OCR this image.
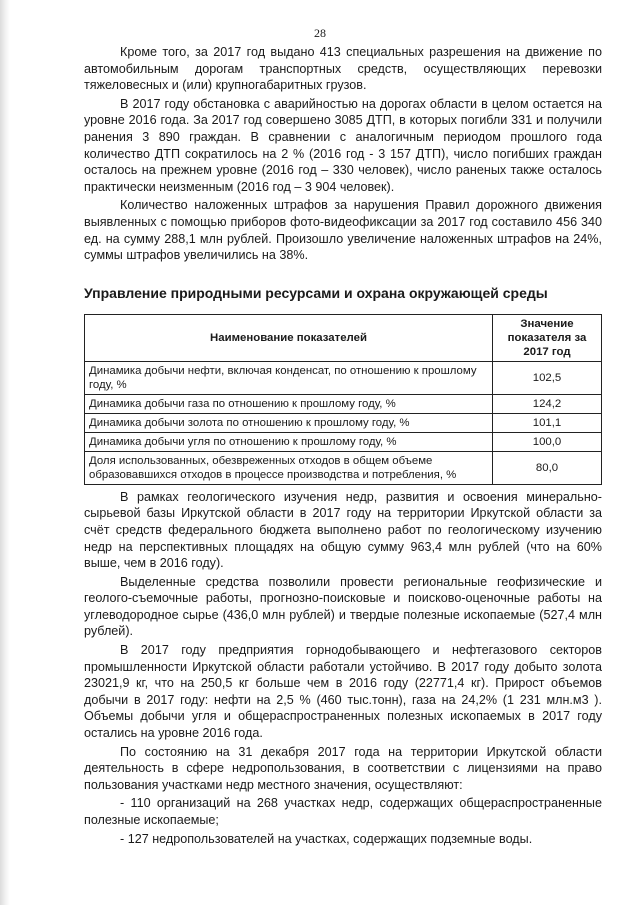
28

Кроме того, за 2017 год выдано 413 специальных разрешения на движение по автомобильным дорогам транспортных средств, осуществляющих перевозки тяжеловесных и (или) крупногабаритных грузов.

В 2017 году обстановка с аварийностью на дорогах области в целом остается на уровне 2016 года. За 2017 год совершено 3085 ДТП, в которых погибли 331 и получили ранения 3 890 граждан. В сравнении с аналогичным периодом прошлого года количество ДТП сократилось на 2 % (2016 год - 3 157 ДТП), число погибших граждан осталось на прежнем уровне (2016 год – 330 человек), число раненых также осталось практически неизменным (2016 год – 3 904 человек).

Количество наложенных штрафов за нарушения Правил дорожного движения выявленных с помощью приборов фото-видеофиксации за 2017 год составило 456 340 ед. на сумму 288,1 млн рублей. Произошло увеличение наложенных штрафов на 24%, суммы штрафов увеличились на 38%.

Управление природными ресурсами и охрана окружающей среды
Наименование показателей	Значение показателя за 2017 год
Динамика добычи нефти, включая конденсат, по отношению к прошлому году, %	102,5
Динамика добычи газа по отношению к прошлому году, %	124,2
Динамика добычи золота по отношению к прошлому году, %	101,1
Динамика добычи угля по отношению к прошлому году, %	100,0
Доля использованных, обезвреженных отходов в общем объеме образовавшихся отходов в процессе производства и потребления, %	80,0

В рамках геологического изучения недр, развития и освоения минерально-сырьевой базы Иркутской области в 2017 году на территории Иркутской области за счёт средств федерального бюджета выполнено работ по геологическому изучению недр на перспективных площадях на общую сумму 963,4 млн рублей (что на 60% выше, чем в 2016 году).

Выделенные средства позволили провести региональные геофизические и геолого-съемочные работы, прогнозно-поисковые и поисково-оценочные работы на углеводородное сырье (436,0 млн рублей) и твердые полезные ископаемые (527,4 млн рублей).

В 2017 году предприятия горнодобывающего и нефтегазового секторов промышленности Иркутской области работали устойчиво. В 2017 году добыто золота 23021,9 кг, что на 250,5 кг больше чем в 2016 году (22771,4 кг). Прирост объемов добычи в 2017 году: нефти на 2,5 % (460 тыс.тонн), газа на 24,2% (1 231 млн.м3 ). Объемы добычи угля и общераспространенных полезных ископаемых в 2017 году остались на уровне 2016 года.

По состоянию на 31 декабря 2017 года на территории Иркутской области деятельность в сфере недропользования, в соответствии с лицензиями на право пользования участками недр местного значения, осуществляют:

- 110 организаций на 268 участках недр, содержащих общераспространенные полезные ископаемые;

- 127 недропользователей на участках, содержащих подземные воды.
